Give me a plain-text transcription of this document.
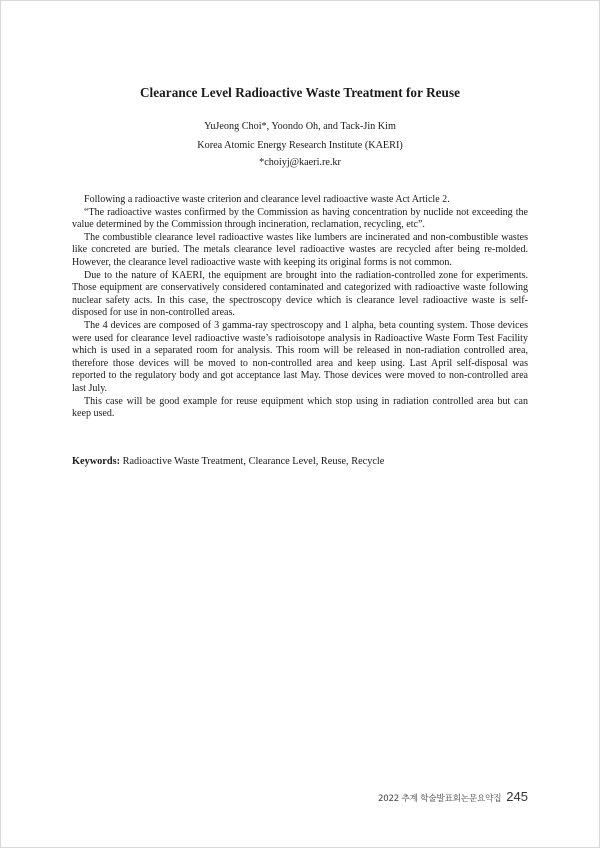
Clearance Level Radioactive Waste Treatment for Reuse
YuJeong Choi*, Yoondo Oh, and Tack-Jin Kim
Korea Atomic Energy Research Institute (KAERI)
*choiyj@kaeri.re.kr

Following a radioactive waste criterion and clearance level radioactive waste Act Article 2.

“The radioactive wastes confirmed by the Commission as having concentration by nuclide not exceeding the value determined by the Commission through incineration, reclamation, recycling, etc”.

The combustible clearance level radioactive wastes like lumbers are incinerated and non-combustible wastes like concreted are buried. The metals clearance level radioactive wastes are recycled after being re-molded. However, the clearance level radioactive waste with keeping its original forms is not common.

Due to the nature of KAERI, the equipment are brought into the radiation-controlled zone for experiments. Those equipment are conservatively considered contaminated and categorized with radioactive waste following nuclear safety acts. In this case, the spectroscopy device which is clearance level radioactive waste is self-disposed for use in non-controlled areas.

The 4 devices are composed of 3 gamma-ray spectroscopy and 1 alpha, beta counting system. Those devices were used for clearance level radioactive waste’s radioisotope analysis in Radioactive Waste Form Test Facility which is used in a separated room for analysis. This room will be released in non-radiation controlled area, therefore those devices will be moved to non-controlled area and keep using. Last April self-disposal was reported to the regulatory body and got acceptance last May. Those devices were moved to non-controlled area last July.

This case will be good example for reuse equipment which stop using in radiation controlled area but can keep used.

Keywords: Radioactive Waste Treatment, Clearance Level, Reuse, Recycle
2022 추계 학술발표회논문요약집 245
